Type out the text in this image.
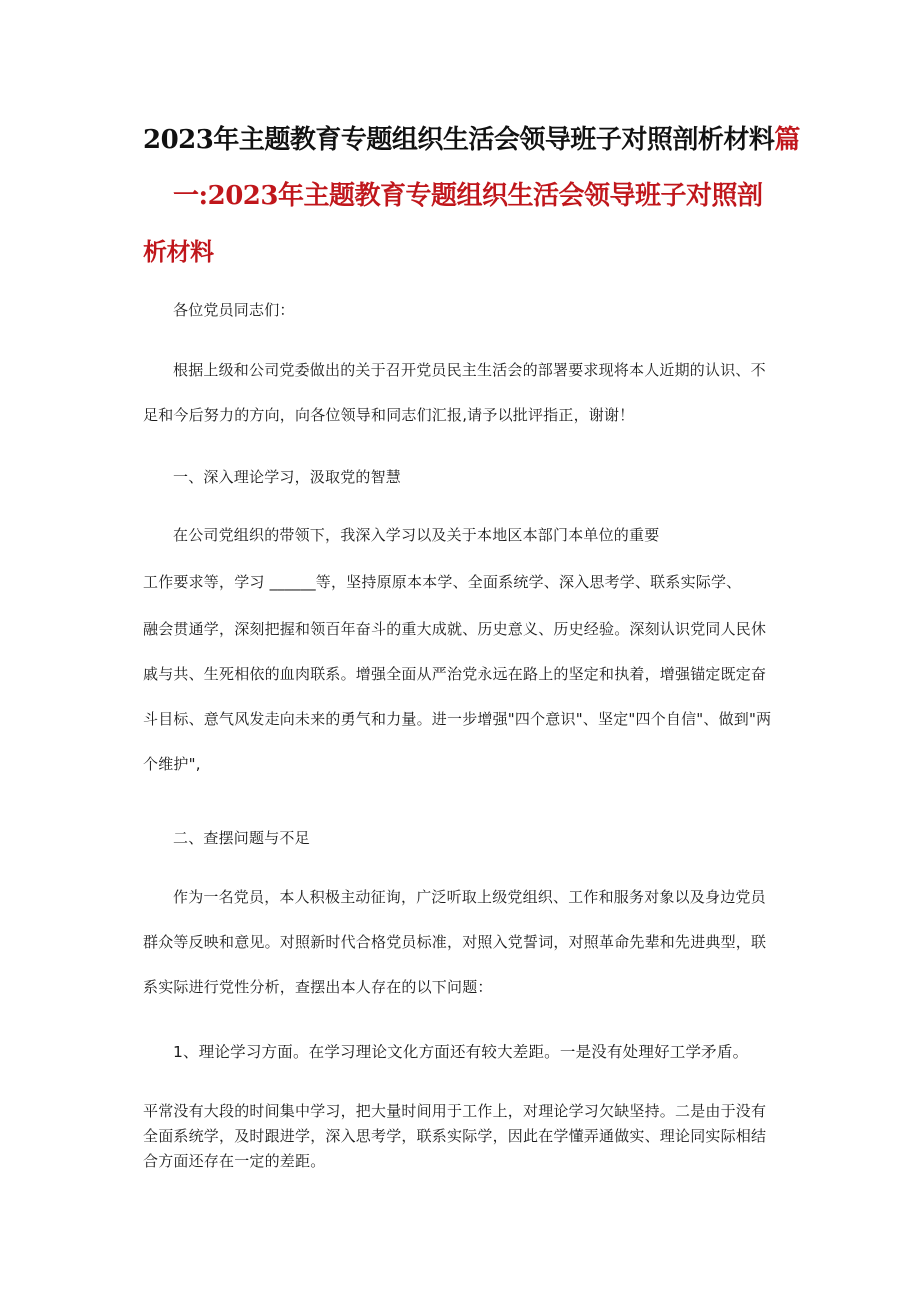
2023年主题教育专题组织生活会领导班子对照剖析材料篇
一:2023年主题教育专题组织生活会领导班子对照剖
析材料
各位党员同志们：
根据上级和公司党委做出的关于召开党员民主生活会的部署要求现将本人近期的认识、不
足和今后努力的方向，向各位领导和同志们汇报,请予以批评指正，谢谢！
一、深入理论学习，汲取党的智慧
在公司党组织的带领下，我深入学习以及关于本地区本部门本单位的重要
工作要求等，学习 ______等，坚持原原本本学、全面系统学、深入思考学、联系实际学、
融会贯通学，深刻把握和领百年奋斗的重大成就、历史意义、历史经验。深刻认识党同人民休
戚与共、生死相依的血肉联系。增强全面从严治党永远在路上的坚定和执着，增强锚定既定奋
斗目标、意气风发走向未来的勇气和力量。进一步增强"四个意识"、坚定"四个自信"、做到"两
个维护",
二、查摆问题与不足
作为一名党员，本人积极主动征询，广泛听取上级党组织、工作和服务对象以及身边党员
群众等反映和意见。对照新时代合格党员标准，对照入党誓词，对照革命先辈和先进典型，联
系实际进行党性分析，查摆出本人存在的以下问题：
1、理论学习方面。在学习理论文化方面还有较大差距。一是没有处理好工学矛盾。
平常没有大段的时间集中学习，把大量时间用于工作上，对理论学习欠缺坚持。二是由于没有
全面系统学，及时跟进学，深入思考学，联系实际学，因此在学懂弄通做实、理论同实际相结
合方面还存在一定的差距。
